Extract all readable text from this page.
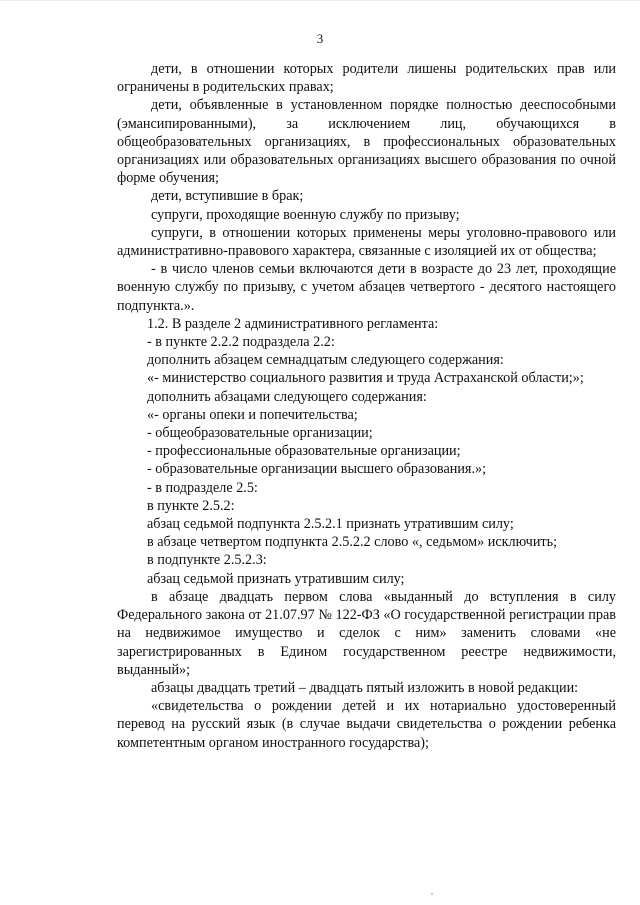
3

дети, в отношении которых родители лишены родительских прав или ограничены в родительских правах;

дети, объявленные в установленном порядке полностью дееспособными (эмансипированными), за исключением лиц, обучающихся в общеобразовательных организациях, в профессиональных образовательных организациях или образовательных организациях высшего образования по очной форме обучения;

дети, вступившие в брак;

супруги, проходящие военную службу по призыву;

супруги, в отношении которых применены меры уголовно-правового или административно-правового характера, связанные с изоляцией их от общества;

- в число членов семьи включаются дети в возрасте до 23 лет, проходящие военную службу по призыву, с учетом абзацев четвертого - десятого настоящего подпункта.».

1.2. В разделе 2 административного регламента:

- в пункте 2.2.2 подраздела 2.2:

дополнить абзацем семнадцатым следующего содержания:

«- министерство социального развития и труда Астраханской области;»;

дополнить абзацами следующего содержания:

«- органы опеки и попечительства;

- общеобразовательные организации;

- профессиональные образовательные организации;

- образовательные организации высшего образования.»;

- в подразделе 2.5:

в пункте 2.5.2:

абзац седьмой подпункта 2.5.2.1 признать утратившим силу;

в абзаце четвертом подпункта 2.5.2.2 слово «, седьмом» исключить;

в подпункте 2.5.2.3:

абзац седьмой признать утратившим силу;

в абзаце двадцать первом слова «выданный до вступления в силу Федерального закона от 21.07.97 № 122-ФЗ «О государственной регистрации прав на недвижимое имущество и сделок с ним» заменить словами «не зарегистрированных в Едином государственном реестре недвижимости, выданный»;

абзацы двадцать третий – двадцать пятый изложить в новой редакции:

«свидетельства о рождении детей и их нотариально удостоверенный перевод на русский язык (в случае выдачи свидетельства о рождении ребенка компетентным органом иностранного государства);
